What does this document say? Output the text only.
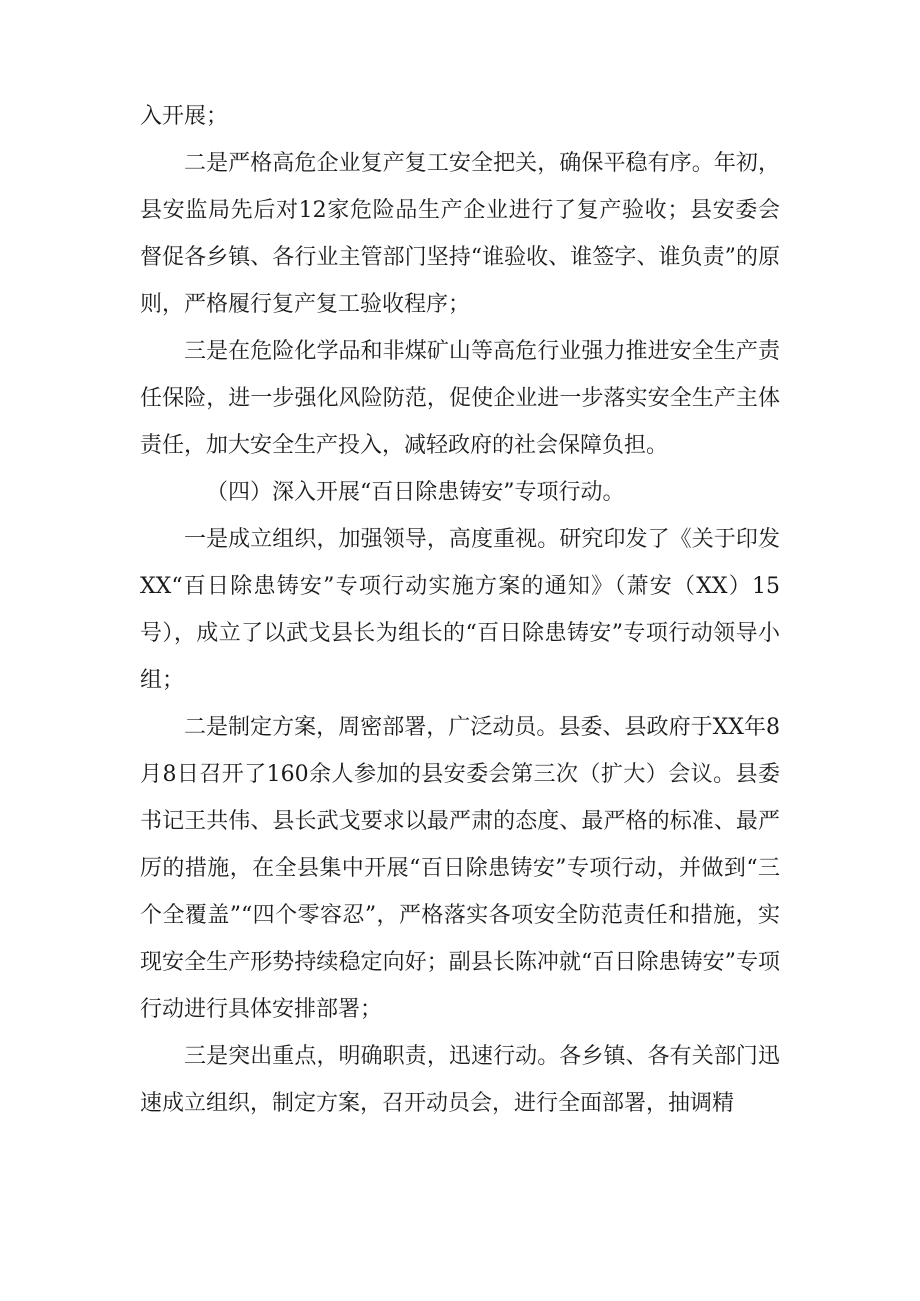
入开展；

二是严格高危企业复产复工安全把关，确保平稳有序。年初，县安监局先后对12家危险品生产企业进行了复产验收；县安委会督促各乡镇、各行业主管部门坚持“谁验收、谁签字、谁负责”的原则，严格履行复产复工验收程序；

三是在危险化学品和非煤矿山等高危行业强力推进安全生产责任保险，进一步强化风险防范，促使企业进一步落实安全生产主体责任，加大安全生产投入，减轻政府的社会保障负担。

（四）深入开展“百日除患铸安”专项行动。

一是成立组织，加强领导，高度重视。研究印发了《关于印发XX“百日除患铸安”专项行动实施方案的通知》（萧安（XX）15号），成立了以武戈县长为组长的“百日除患铸安”专项行动领导小组；

二是制定方案，周密部署，广泛动员。县委、县政府于XX年8月8日召开了160余人参加的县安委会第三次（扩大）会议。县委书记王共伟、县长武戈要求以最严肃的态度、最严格的标准、最严厉的措施，在全县集中开展“百日除患铸安”专项行动，并做到“三个全覆盖”“四个零容忍”，严格落实各项安全防范责任和措施，实现安全生产形势持续稳定向好；副县长陈冲就“百日除患铸安”专项行动进行具体安排部署；

三是突出重点，明确职责，迅速行动。各乡镇、各有关部门迅速成立组织，制定方案，召开动员会，进行全面部署，抽调精
